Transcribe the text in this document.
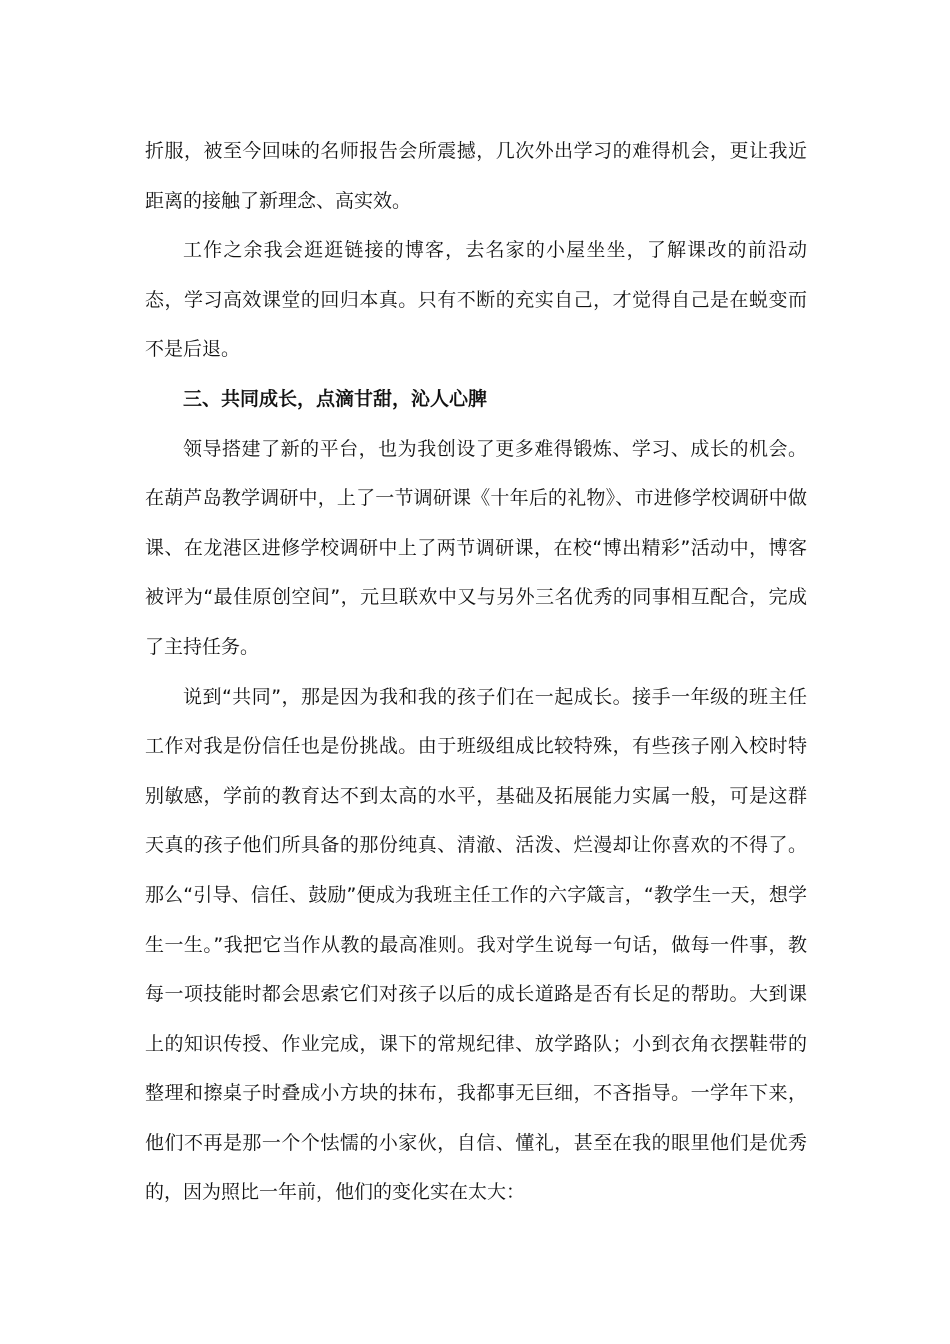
折服，被至今回味的名师报告会所震撼，几次外出学习的难得机会，更让我近距离的接触了新理念、高实效。

工作之余我会逛逛链接的博客，去名家的小屋坐坐，了解课改的前沿动态，学习高效课堂的回归本真。只有不断的充实自己，才觉得自己是在蜕变而不是后退。

三、共同成长，点滴甘甜，沁人心脾

领导搭建了新的平台，也为我创设了更多难得锻炼、学习、成长的机会。在葫芦岛教学调研中，上了一节调研课《十年后的礼物》、市进修学校调研中做课、在龙港区进修学校调研中上了两节调研课，在校“博出精彩”活动中，博客被评为“最佳原创空间”，元旦联欢中又与另外三名优秀的同事相互配合，完成了主持任务。

说到“共同”，那是因为我和我的孩子们在一起成长。接手一年级的班主任工作对我是份信任也是份挑战。由于班级组成比较特殊，有些孩子刚入校时特别敏感，学前的教育达不到太高的水平，基础及拓展能力实属一般，可是这群天真的孩子他们所具备的那份纯真、清澈、活泼、烂漫却让你喜欢的不得了。那么“引导、信任、鼓励”便成为我班主任工作的六字箴言，“教学生一天，想学生一生。”我把它当作从教的最高准则。我对学生说每一句话，做每一件事，教每一项技能时都会思索它们对孩子以后的成长道路是否有长足的帮助。大到课上的知识传授、作业完成，课下的常规纪律、放学路队；小到衣角衣摆鞋带的整理和擦桌子时叠成小方块的抹布，我都事无巨细，不吝指导。一学年下来，他们不再是那一个个怯懦的小家伙，自信、懂礼，甚至在我的眼里他们是优秀的，因为照比一年前，他们的变化实在太大：
